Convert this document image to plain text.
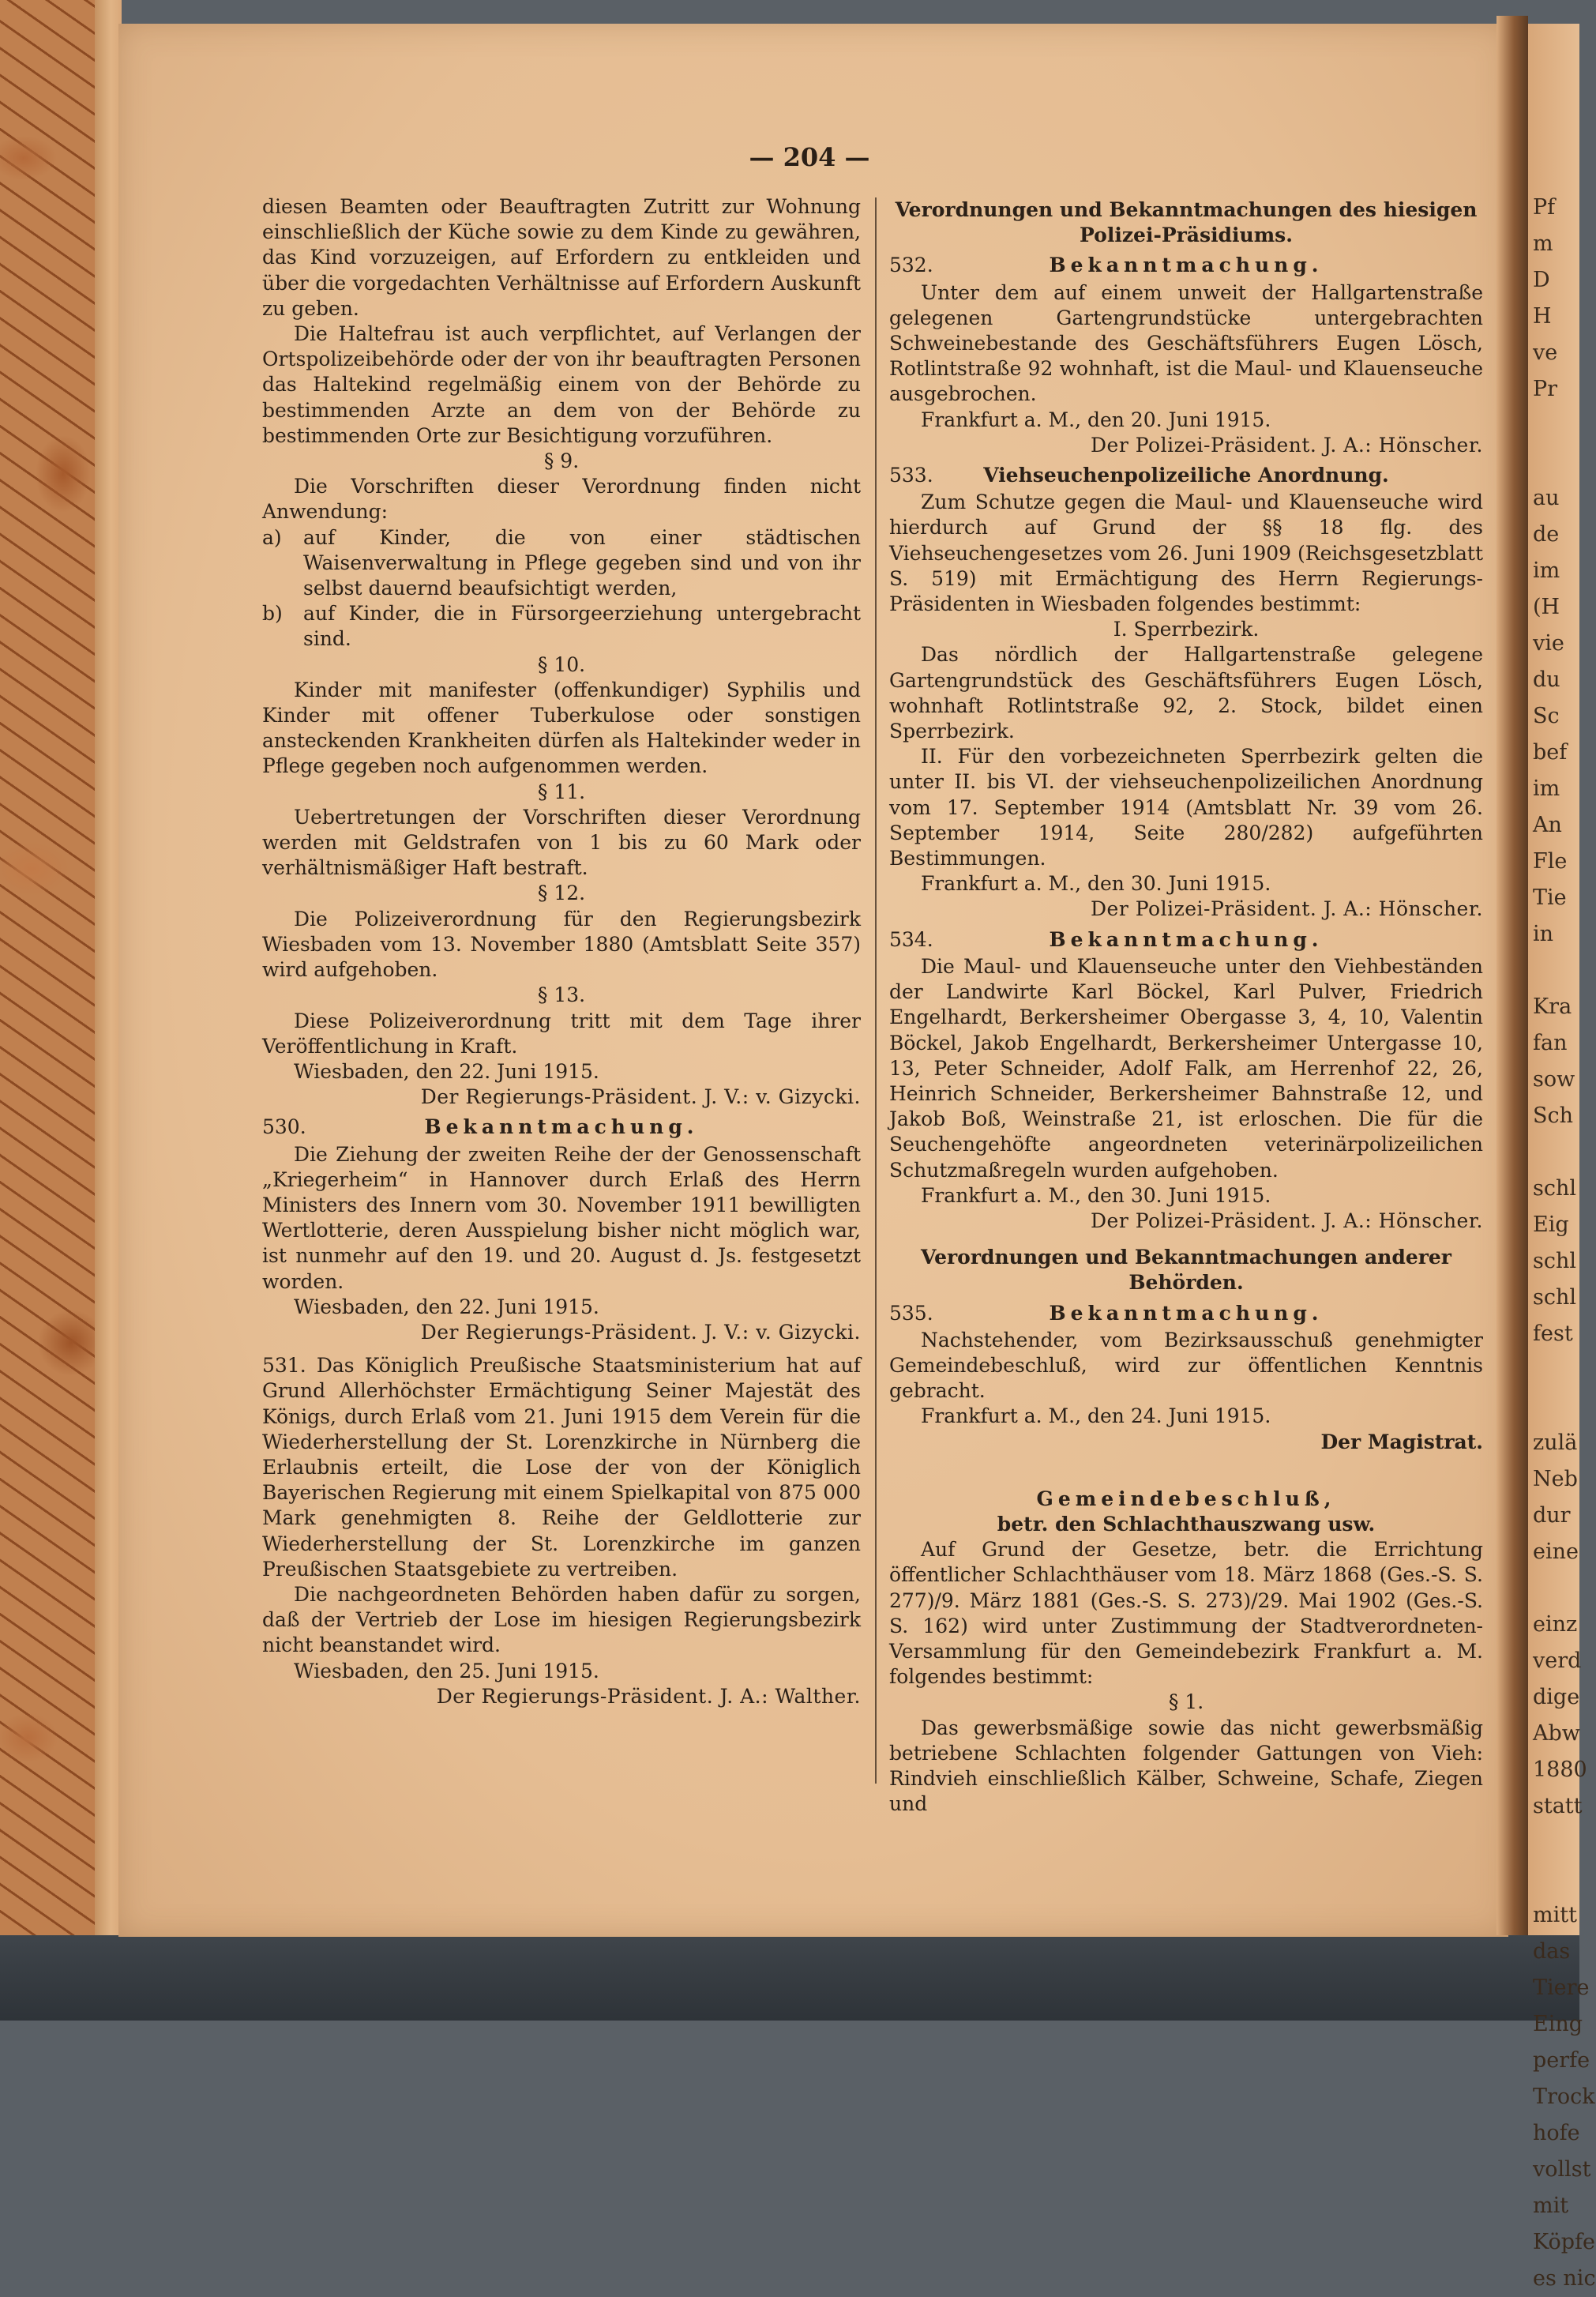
Pf
m
D
H
ve
Pr

au
de
im
(H
vie
du
Sc
bef
im
An
Fle
Tie
in

Kra
fan
sow
Sch

schl
Eig
schl
schl
fest

zulä
Neb
dur
eine

einz
verd
dige
Abw
1880
statt

mitt
das
Tiere
Eing
perfe
Trock
hofe
vollst
mit
Köpfe
es nic
— 204 —

diesen Beamten oder Beauftragten Zutritt zur Wohnung einschließlich der Küche sowie zu dem Kinde zu gewähren, das Kind vorzuzeigen, auf Erfordern zu entkleiden und über die vorgedachten Verhältnisse auf Erfordern Auskunft zu geben.

Die Haltefrau ist auch verpflichtet, auf Verlangen der Ortspolizeibehörde oder der von ihr beauftragten Personen das Haltekind regelmäßig einem von der Behörde zu bestimmenden Arzte an dem von der Behörde zu bestimmenden Orte zur Besichtigung vorzuführen.

§ 9.

Die Vorschriften dieser Verordnung finden nicht Anwendung:

a)	auf Kinder, die von einer städtischen Waisenverwaltung in Pflege gegeben sind und von ihr selbst dauernd beaufsichtigt werden,
b)	auf Kinder, die in Fürsorgeerziehung untergebracht sind.

§ 10.

Kinder mit manifester (offenkundiger) Syphilis und Kinder mit offener Tuberkulose oder sonstigen ansteckenden Krankheiten dürfen als Haltekinder weder in Pflege gegeben noch aufgenommen werden.

§ 11.

Uebertretungen der Vorschriften dieser Verordnung werden mit Geldstrafen von 1 bis zu 60 Mark oder verhältnismäßiger Haft bestraft.

§ 12.

Die Polizeiverordnung für den Regierungsbezirk Wiesbaden vom 13. November 1880 (Amtsblatt Seite 357) wird aufgehoben.

§ 13.

Diese Polizeiverordnung tritt mit dem Tage ihrer Veröffentlichung in Kraft.

Wiesbaden, den 22. Juni 1915.

Der Regierungs-Präsident. J. V.: v. Gizycki.

530.	Bekanntmachung.

Die Ziehung der zweiten Reihe der der Genossenschaft „Kriegerheim“ in Hannover durch Erlaß des Herrn Ministers des Innern vom 30. November 1911 bewilligten Wertlotterie, deren Ausspielung bisher nicht möglich war, ist nunmehr auf den 19. und 20. August d. Js. festgesetzt worden.

Wiesbaden, den 22. Juni 1915.

Der Regierungs-Präsident. J. V.: v. Gizycki.

531. Das Königlich Preußische Staatsministerium hat auf Grund Allerhöchster Ermächtigung Seiner Majestät des Königs, durch Erlaß vom 21. Juni 1915 dem Verein für die Wiederherstellung der St. Lorenzkirche in Nürnberg die Erlaubnis erteilt, die Lose der von der Königlich Bayerischen Regierung mit einem Spielkapital von 875 000 Mark genehmigten 8. Reihe der Geldlotterie zur Wiederherstellung der St. Lorenzkirche im ganzen Preußischen Staatsgebiete zu vertreiben.

Die nachgeordneten Behörden haben dafür zu sorgen, daß der Vertrieb der Lose im hiesigen Regierungsbezirk nicht beanstandet wird.

Wiesbaden, den 25. Juni 1915.

Der Regierungs-Präsident. J. A.: Walther.

Verordnungen und Bekanntmachungen des hiesigen Polizei-Präsidiums.

532.	Bekanntmachung.

Unter dem auf einem unweit der Hallgartenstraße gelegenen Gartengrundstücke untergebrachten Schweinebestande des Geschäftsführers Eugen Lösch, Rotlintstraße 92 wohnhaft, ist die Maul- und Klauenseuche ausgebrochen.

Frankfurt a. M., den 20. Juni 1915.

Der Polizei-Präsident. J. A.: Hönscher.

533.	Viehseuchenpolizeiliche Anordnung.

Zum Schutze gegen die Maul- und Klauenseuche wird hierdurch auf Grund der §§ 18 flg. des Viehseuchengesetzes vom 26. Juni 1909 (Reichsgesetzblatt S. 519) mit Ermächtigung des Herrn Regierungs-Präsidenten in Wiesbaden folgendes bestimmt:

I. Sperrbezirk.

Das nördlich der Hallgartenstraße gelegene Gartengrundstück des Geschäftsführers Eugen Lösch, wohnhaft Rotlintstraße 92, 2. Stock, bildet einen Sperrbezirk.

II. Für den vorbezeichneten Sperrbezirk gelten die unter II. bis VI. der viehseuchenpolizeilichen Anordnung vom 17. September 1914 (Amtsblatt Nr. 39 vom 26. September 1914, Seite 280/282) aufgeführten Bestimmungen.

Frankfurt a. M., den 30. Juni 1915.

Der Polizei-Präsident. J. A.: Hönscher.

534.	Bekanntmachung.

Die Maul- und Klauenseuche unter den Viehbeständen der Landwirte Karl Böckel, Karl Pulver, Friedrich Engelhardt, Berkersheimer Obergasse 3, 4, 10, Valentin Böckel, Jakob Engelhardt, Berkersheimer Untergasse 10, 13, Peter Schneider, Adolf Falk, am Herrenhof 22, 26, Heinrich Schneider, Berkersheimer Bahnstraße 12, und Jakob Boß, Weinstraße 21, ist erloschen. Die für die Seuchengehöfte angeordneten veterinärpolizeilichen Schutzmaßregeln wurden aufgehoben.

Frankfurt a. M., den 30. Juni 1915.

Der Polizei-Präsident. J. A.: Hönscher.

Verordnungen und Bekanntmachungen anderer Behörden.

535.	Bekanntmachung.

Nachstehender, vom Bezirksausschuß genehmigter Gemeindebeschluß, wird zur öffentlichen Kenntnis gebracht.

Frankfurt a. M., den 24. Juni 1915.

Der Magistrat.

Gemeindebeschluß,

betr. den Schlachthauszwang usw.

Auf Grund der Gesetze, betr. die Errichtung öffentlicher Schlachthäuser vom 18. März 1868 (Ges.-S. S. 277)/9. März 1881 (Ges.-S. S. 273)/29. Mai 1902 (Ges.-S. S. 162) wird unter Zustimmung der Stadtverordneten-Versammlung für den Gemeindebezirk Frankfurt a. M. folgendes bestimmt:

§ 1.

Das gewerbsmäßige sowie das nicht gewerbsmäßig betriebene Schlachten folgender Gattungen von Vieh: Rindvieh einschließlich Kälber, Schweine, Schafe, Ziegen und
